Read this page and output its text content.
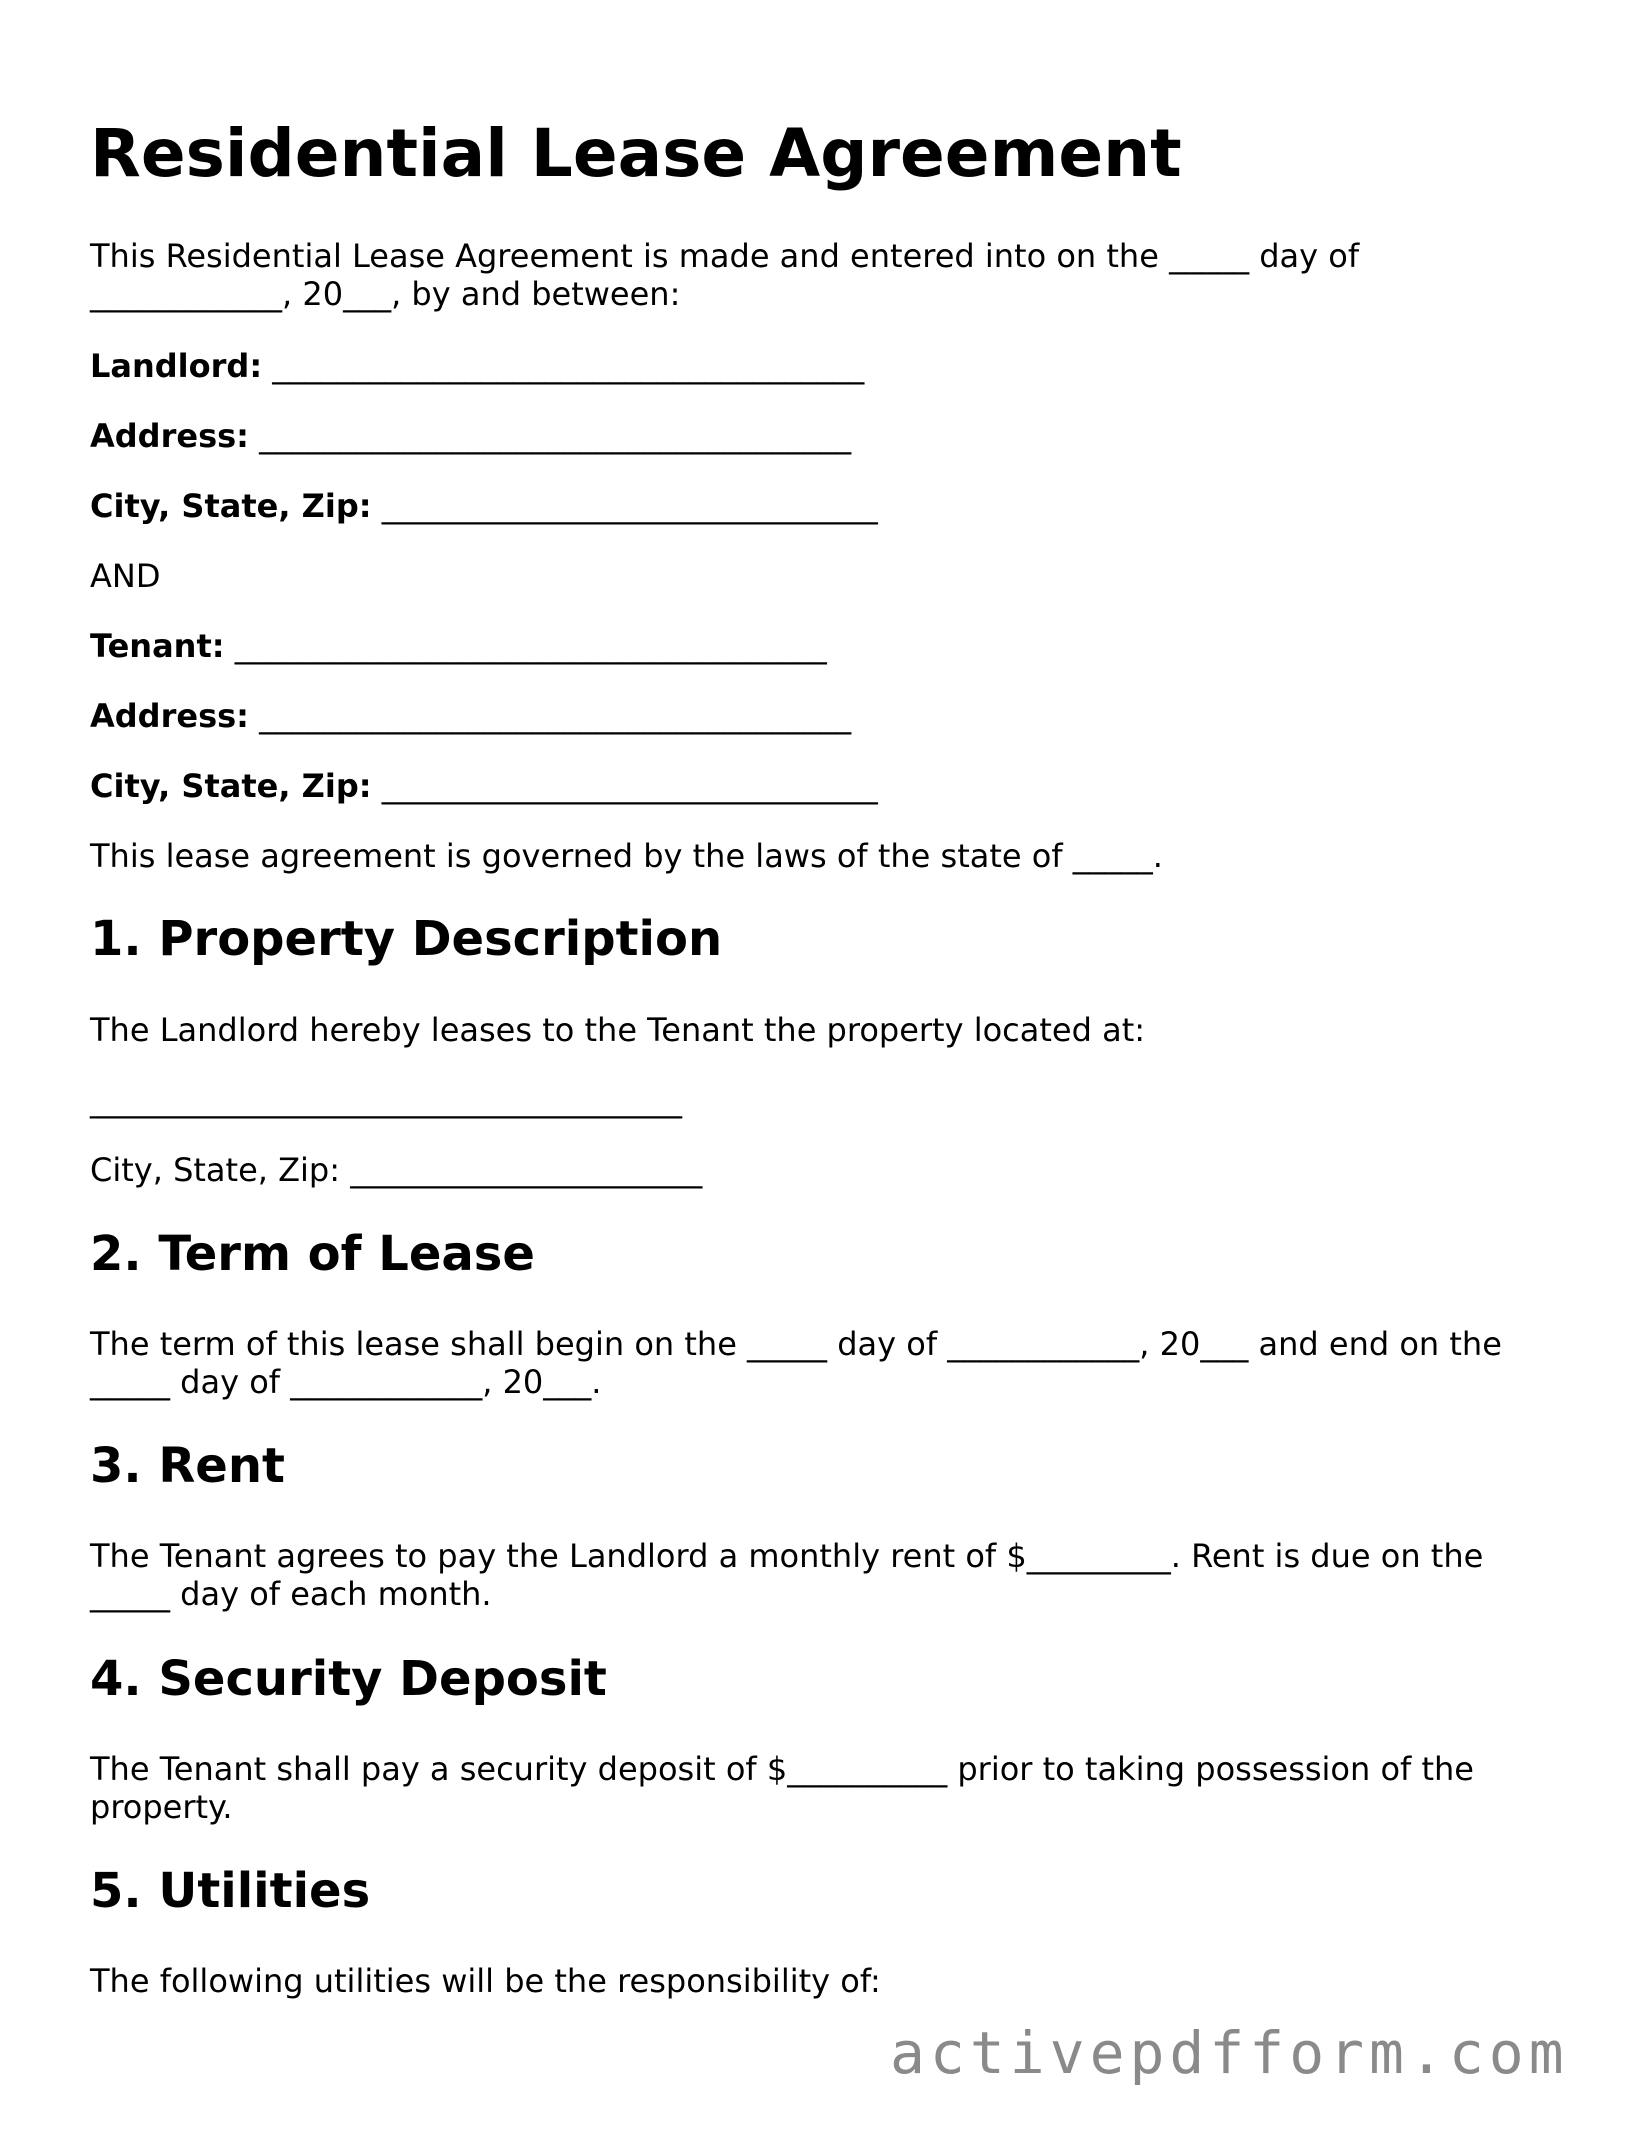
Residential Lease Agreement
This Residential Lease Agreement is made and entered into on the _____ day of
____________, 20___, by and between:
Landlord: _____________________________________
Address: _____________________________________
City, State, Zip: _______________________________
AND
Tenant: _____________________________________
Address: _____________________________________
City, State, Zip: _______________________________
This lease agreement is governed by the laws of the state of _____.
1. Property Description
The Landlord hereby leases to the Tenant the property located at:
_____________________________________
City, State, Zip: ______________________
2. Term of Lease
The term of this lease shall begin on the _____ day of ____________, 20___ and end on the
_____ day of ____________, 20___.
3. Rent
The Tenant agrees to pay the Landlord a monthly rent of $_________. Rent is due on the
_____ day of each month.
4. Security Deposit
The Tenant shall pay a security deposit of $__________ prior to taking possession of the
property.
5. Utilities
The following utilities will be the responsibility of:
activepdfform.com
